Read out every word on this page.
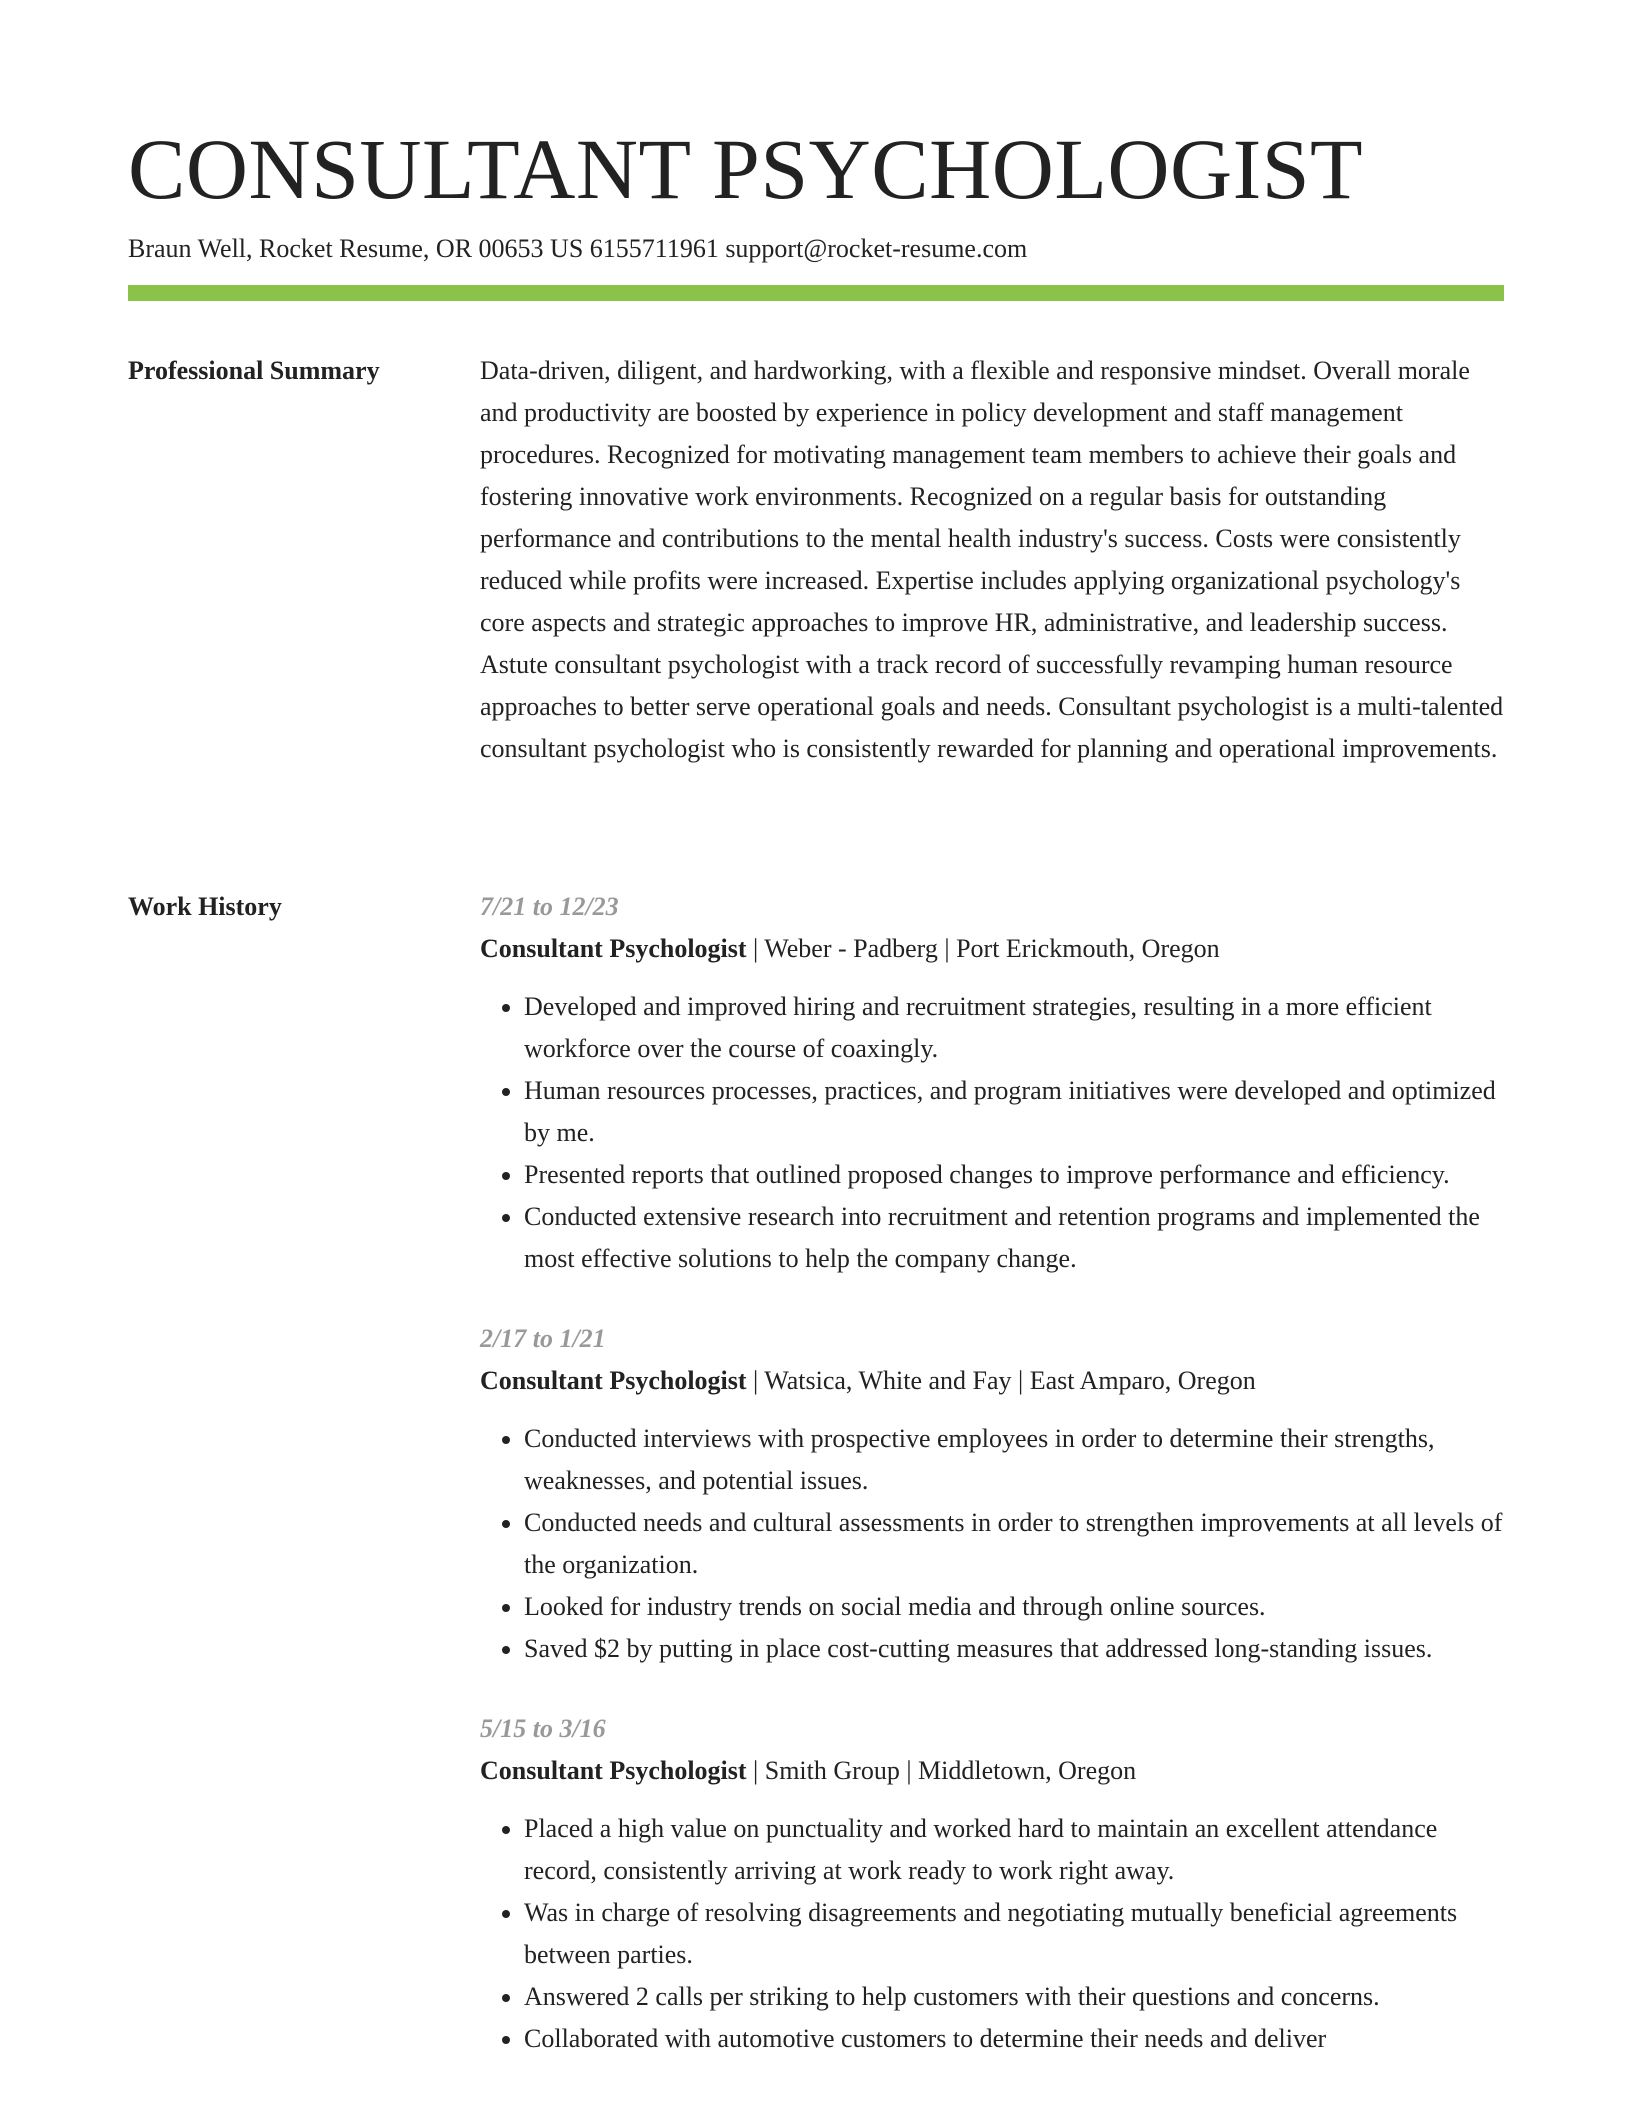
CONSULTANT PSYCHOLOGIST
Braun Well, Rocket Resume, OR 00653 US 6155711961 support@rocket-resume.com
Professional Summary	Data-driven, diligent, and hardworking, with a flexible and responsive mindset. Overall morale and productivity are boosted by experience in policy development and staff management procedures. Recognized for motivating management team members to achieve their goals and fostering innovative work environments. Recognized on a regular basis for outstanding performance and contributions to the mental health industry's success. Costs were consistently reduced while profits were increased. Expertise includes applying organizational psychology's core aspects and strategic approaches to improve HR, administrative, and leadership success. Astute consultant psychologist with a track record of successfully revamping human resource approaches to better serve operational goals and needs. Consultant psychologist is a multi-talented consultant psychologist who is consistently rewarded for planning and operational improvements.

Work History	7/21 to 12/23
Consultant Psychologist | Weber - Padberg | Port Erickmouth, Oregon
• Developed and improved hiring and recruitment strategies, resulting in a more efficient workforce over the course of coaxingly.
• Human resources processes, practices, and program initiatives were developed and optimized by me.
• Presented reports that outlined proposed changes to improve performance and efficiency.
• Conducted extensive research into recruitment and retention programs and implemented the most effective solutions to help the company change.
2/17 to 1/21
Consultant Psychologist | Watsica, White and Fay | East Amparo, Oregon
• Conducted interviews with prospective employees in order to determine their strengths, weaknesses, and potential issues.
• Conducted needs and cultural assessments in order to strengthen improvements at all levels of the organization.
• Looked for industry trends on social media and through online sources.
• Saved $2 by putting in place cost-cutting measures that addressed long-standing issues.
5/15 to 3/16
Consultant Psychologist | Smith Group | Middletown, Oregon
• Placed a high value on punctuality and worked hard to maintain an excellent attendance record, consistently arriving at work ready to work right away.
• Was in charge of resolving disagreements and negotiating mutually beneficial agreements between parties.
• Answered 2 calls per striking to help customers with their questions and concerns.
• Collaborated with automotive customers to determine their needs and deliver
